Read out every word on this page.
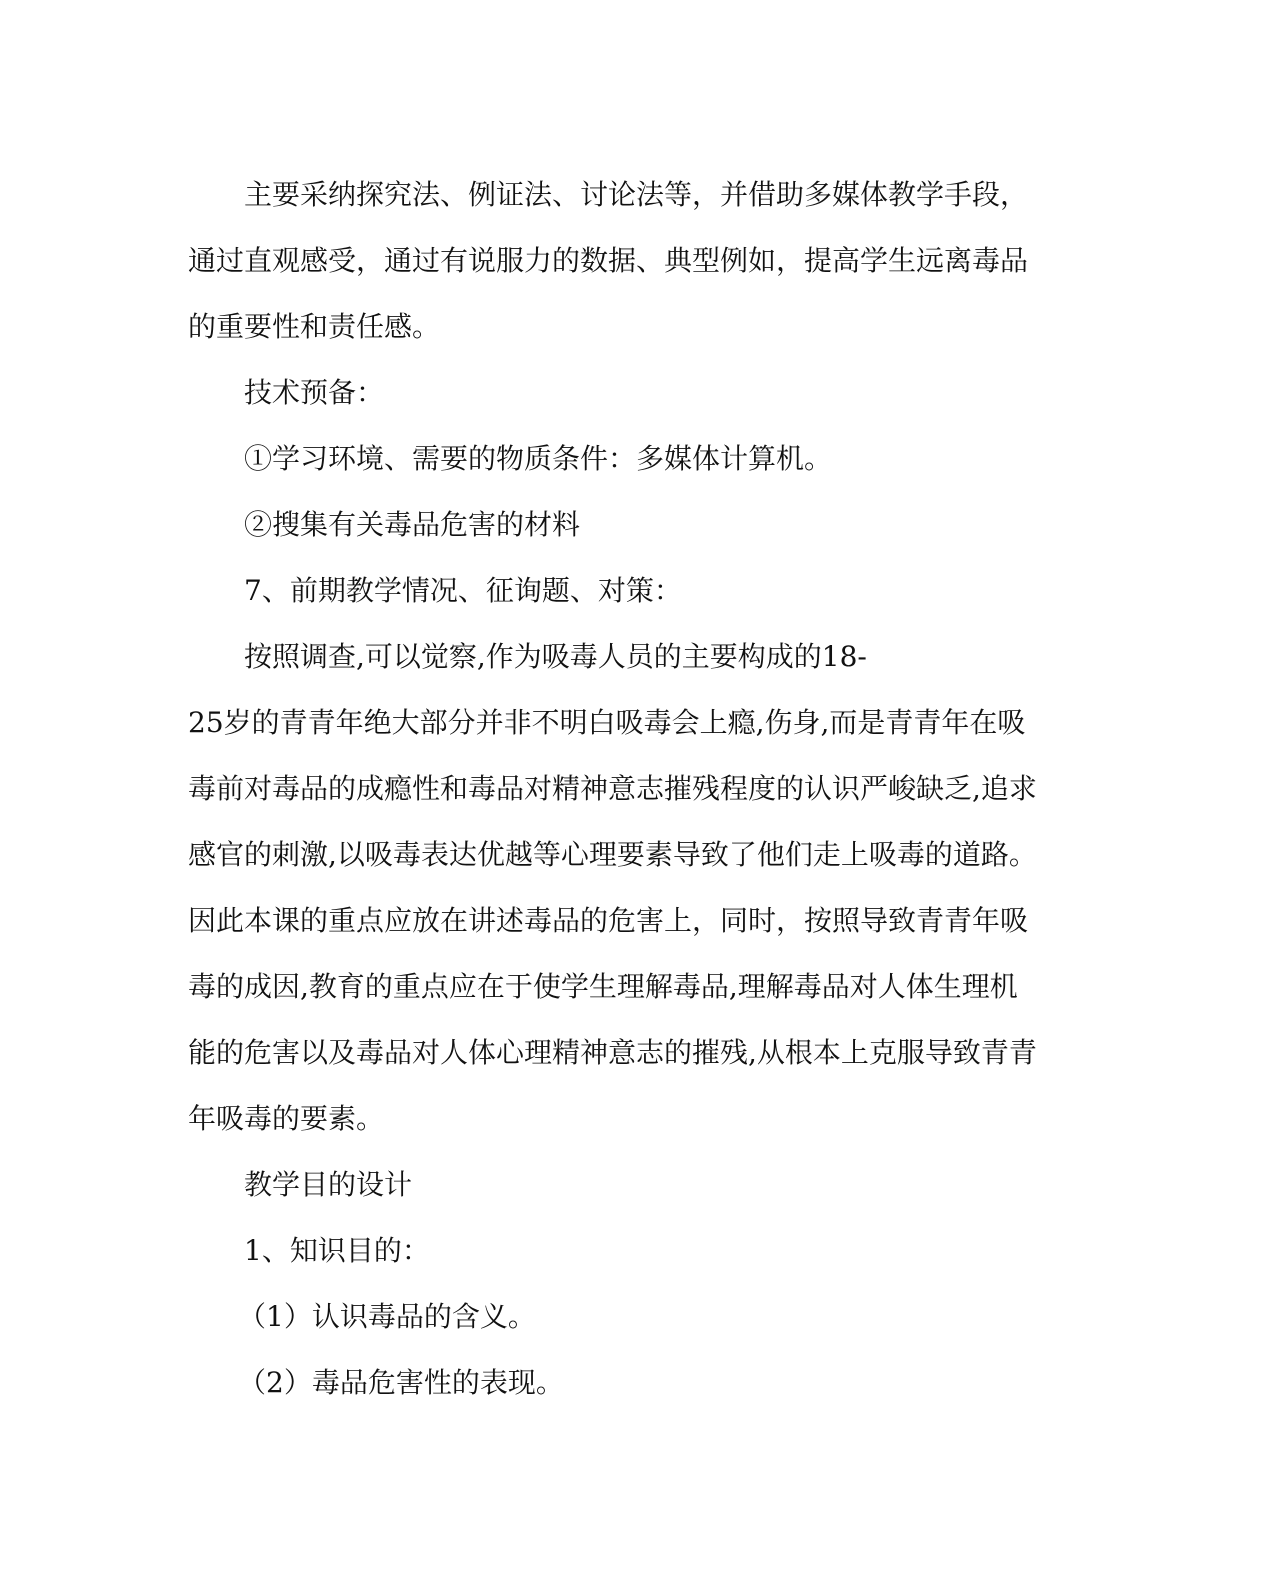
主要采纳探究法、例证法、讨论法等，并借助多媒体教学手段，
通过直观感受，通过有说服力的数据、典型例如，提高学生远离毒品
的重要性和责任感。
技术预备：
①学习环境、需要的物质条件：多媒体计算机。
②搜集有关毒品危害的材料
7、前期教学情况、征询题、对策：
按照调查,可以觉察,作为吸毒人员的主要构成的18-
25岁的青青年绝大部分并非不明白吸毒会上瘾,伤身,而是青青年在吸
毒前对毒品的成瘾性和毒品对精神意志摧残程度的认识严峻缺乏,追求
感官的刺激,以吸毒表达优越等心理要素导致了他们走上吸毒的道路。
因此本课的重点应放在讲述毒品的危害上，同时，按照导致青青年吸
毒的成因,教育的重点应在于使学生理解毒品,理解毒品对人体生理机
能的危害以及毒品对人体心理精神意志的摧残,从根本上克服导致青青
年吸毒的要素。
教学目的设计
1、知识目的：
（1）认识毒品的含义。
（2）毒品危害性的表现。
